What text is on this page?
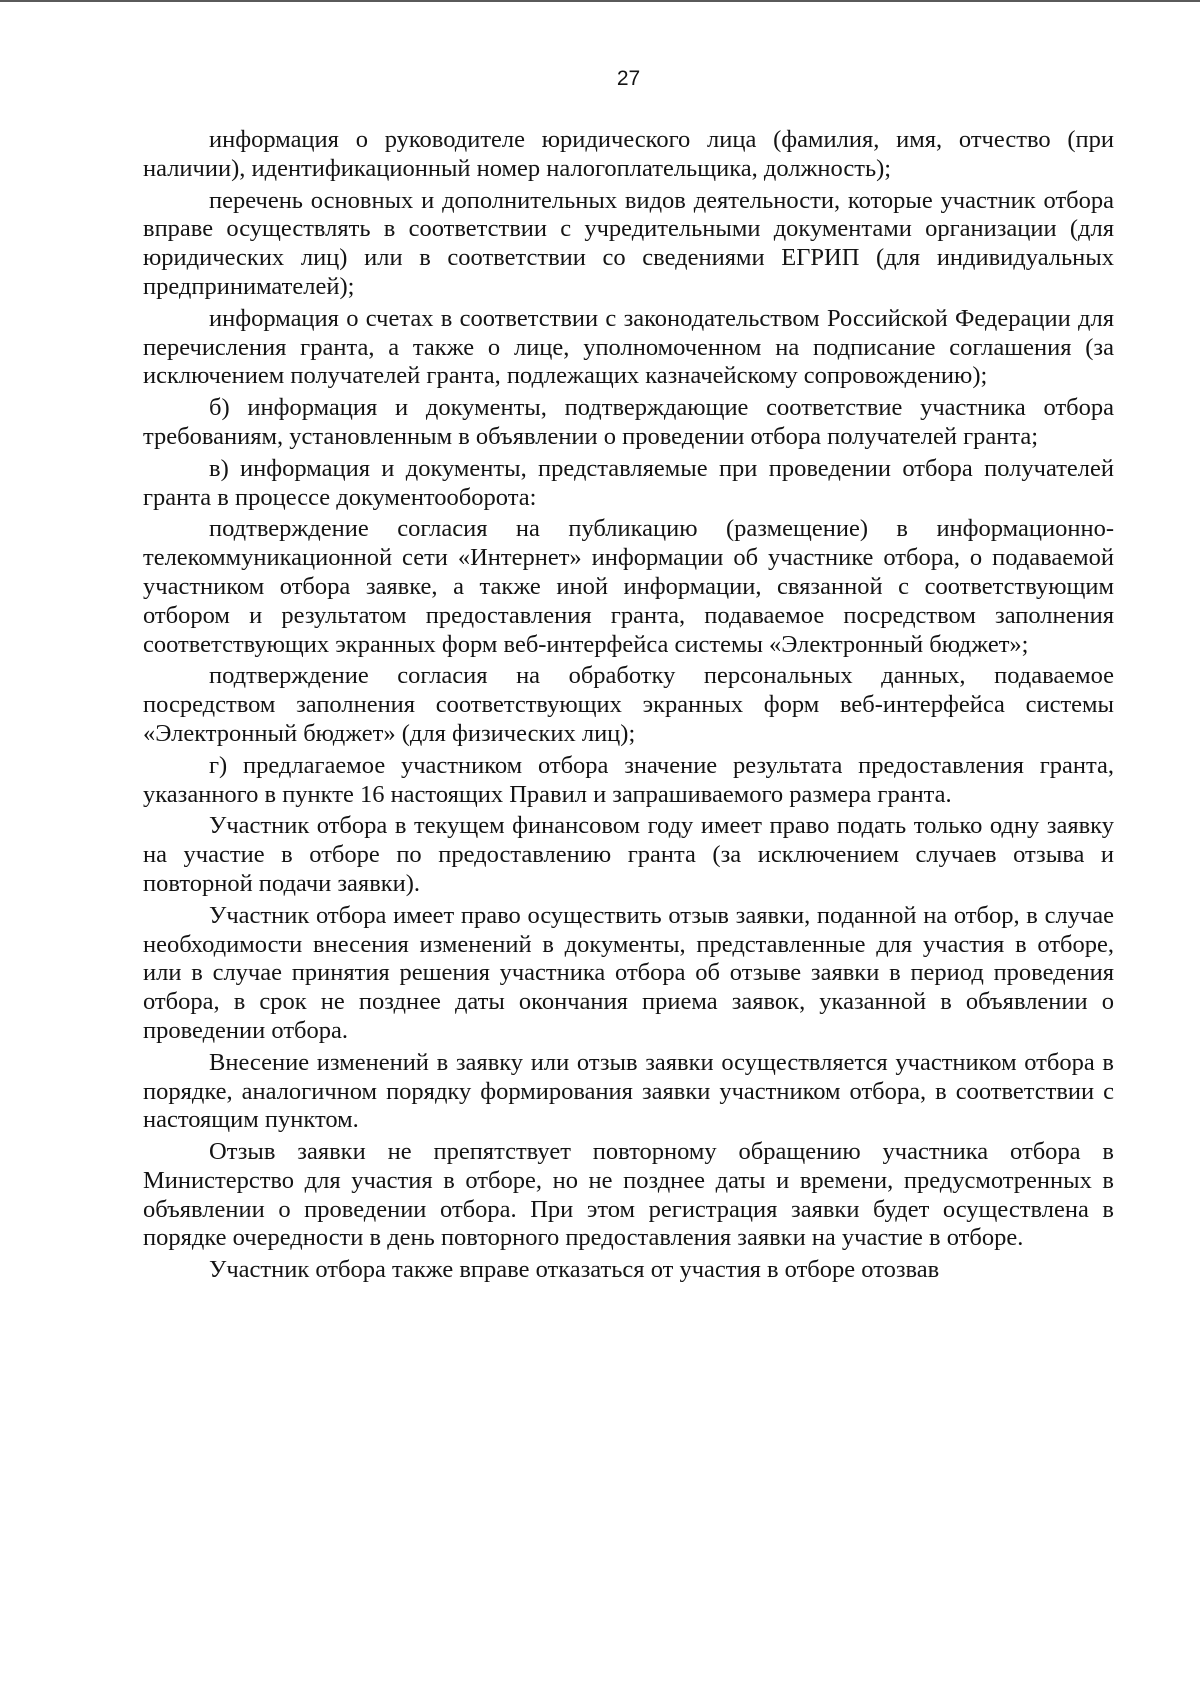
27

информация о руководителе юридического лица (фамилия, имя, отчество (при наличии), идентификационный номер налогоплательщика, должность);

перечень основных и дополнительных видов деятельности, которые участник отбора вправе осуществлять в соответствии с учредительными документами организации (для юридических лиц) или в соответствии со сведениями ЕГРИП (для индивидуальных предпринимателей);

информация о счетах в соответствии с законодательством Российской Федерации для перечисления гранта, а также о лице, уполномоченном на подписание соглашения (за исключением получателей гранта, подлежащих казначейскому сопровождению);

б) информация и документы, подтверждающие соответствие участника отбора требованиям, установленным в объявлении о проведении отбора получателей гранта;

в) информация и документы, представляемые при проведении отбора получателей гранта в процессе документооборота:

подтверждение согласия на публикацию (размещение) в информационно-телекоммуникационной сети «Интернет» информации об участнике отбора, о подаваемой участником отбора заявке, а также иной информации, связанной с соответствующим отбором и результатом предоставления гранта, подаваемое посредством заполнения соответствующих экранных форм веб-интерфейса системы «Электронный бюджет»;

подтверждение согласия на обработку персональных данных, подаваемое посредством заполнения соответствующих экранных форм веб-интерфейса системы «Электронный бюджет» (для физических лиц);

г) предлагаемое участником отбора значение результата предоставления гранта, указанного в пункте 16 настоящих Правил и запрашиваемого размера гранта.

Участник отбора в текущем финансовом году имеет право подать только одну заявку на участие в отборе по предоставлению гранта (за исключением случаев отзыва и повторной подачи заявки).

Участник отбора имеет право осуществить отзыв заявки, поданной на отбор, в случае необходимости внесения изменений в документы, представленные для участия в отборе, или в случае принятия решения участника отбора об отзыве заявки в период проведения отбора, в срок не позднее даты окончания приема заявок, указанной в объявлении о проведении отбора.

Внесение изменений в заявку или отзыв заявки осуществляется участником отбора в порядке, аналогичном порядку формирования заявки участником отбора, в соответствии с настоящим пунктом.

Отзыв заявки не препятствует повторному обращению участника отбора в Министерство для участия в отборе, но не позднее даты и времени, предусмотренных в объявлении о проведении отбора. При этом регистрация заявки будет осуществлена в порядке очередности в день повторного предоставления заявки на участие в отборе.

Участник отбора также вправе отказаться от участия в отборе отозвав
